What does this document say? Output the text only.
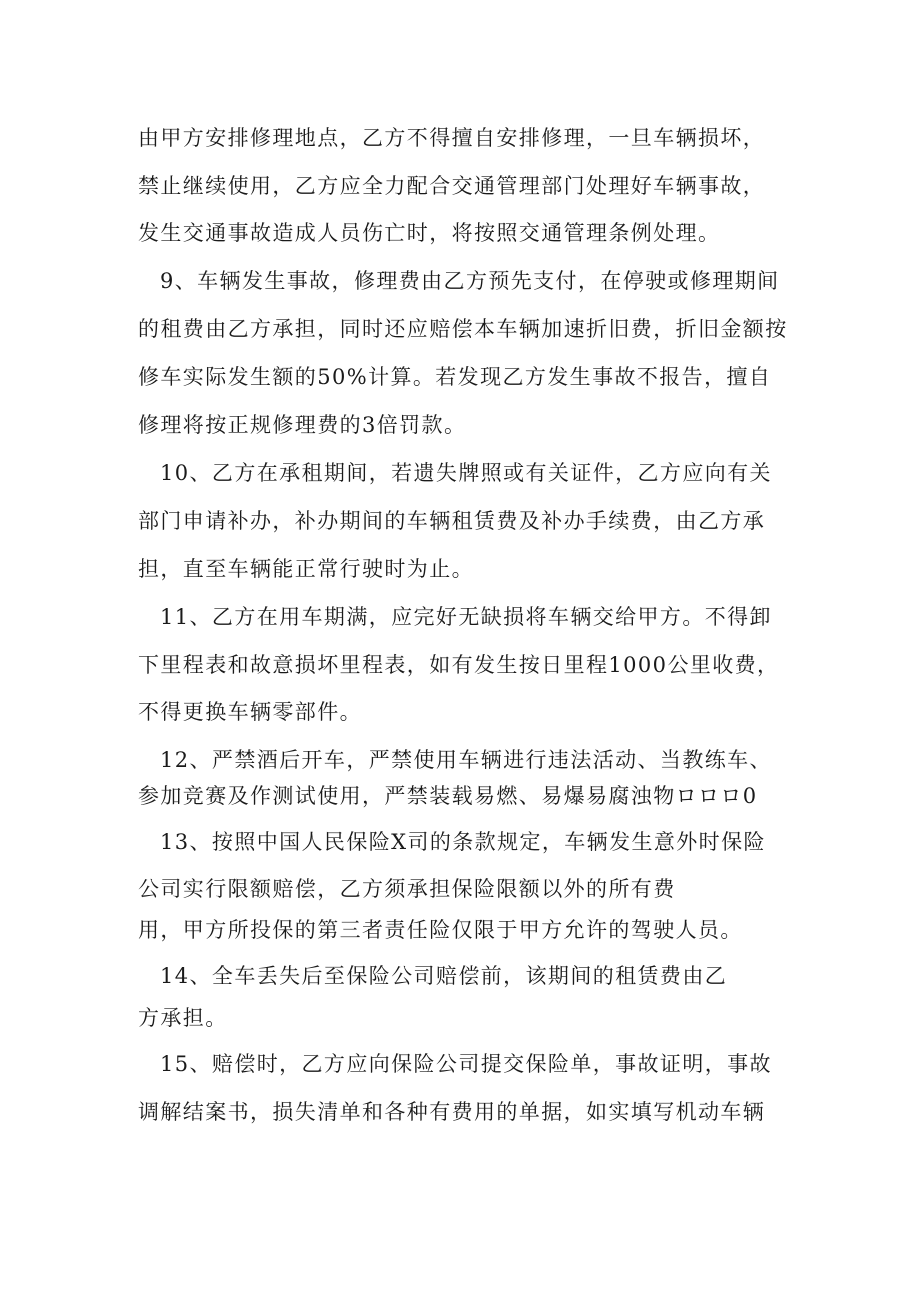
由甲方安排修理地点，乙方不得擅自安排修理，一旦车辆损坏，
禁止继续使用，乙方应全力配合交通管理部门处理好车辆事故，
发生交通事故造成人员伤亡时，将按照交通管理条例处理。
9、车辆发生事故，修理费由乙方预先支付，在停驶或修理期间
的租费由乙方承担，同时还应赔偿本车辆加速折旧费，折旧金额按
修车实际发生额的50%计算。若发现乙方发生事故不报告，擅自
修理将按正规修理费的3倍罚款。
10、乙方在承租期间，若遗失牌照或有关证件，乙方应向有关
部门申请补办，补办期间的车辆租赁费及补办手续费，由乙方承
担，直至车辆能正常行驶时为止。
11、乙方在用车期满，应完好无缺损将车辆交给甲方。不得卸
下里程表和故意损坏里程表，如有发生按日里程1000公里收费，
不得更换车辆零部件。
12、严禁酒后开车，严禁使用车辆进行违法活动、当教练车、
参加竞赛及作测试使用，严禁装载易燃、易爆易腐浊物ロロロ0
13、按照中国人民保险X司的条款规定，车辆发生意外时保险
公司实行限额赔偿，乙方须承担保险限额以外的所有费
用，甲方所投保的第三者责任险仅限于甲方允许的驾驶人员。
14、全车丢失后至保险公司赔偿前，该期间的租赁费由乙
方承担。
15、赔偿时，乙方应向保险公司提交保险单，事故证明，事故
调解结案书，损失清单和各种有费用的单据，如实填写机动车辆
